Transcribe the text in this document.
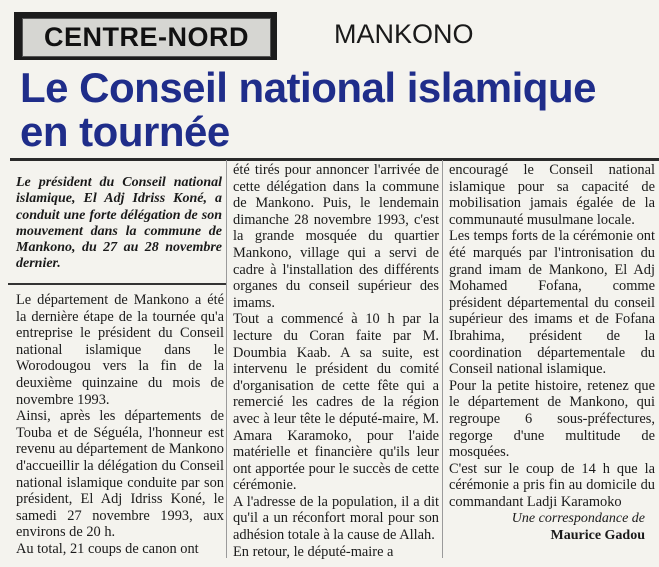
CENTRE-NORD	MANKONO
Le Conseil national islamique
en tournée
Le président du Conseil national islamique, El Adj Idriss Koné, a conduit une forte délégation de son mouvement dans la commune de Mankono, du 27 au 28 novembre dernier.

Le département de Mankono a été la dernière étape de la tournée qu'a entreprise le président du Conseil national islamique dans le Worodougou vers la fin de la deuxième quinzaine du mois de novembre 1993.

Ainsi, après les départements de Touba et de Séguéla, l'honneur est revenu au département de Mankono d'accueillir la délégation du Conseil national islamique conduite par son président, El Adj Idriss Koné, le samedi 27 novembre 1993, aux environs de 20 h.

Au total, 21 coups de canon ont

été tirés pour annoncer l'arrivée de cette délégation dans la commune de Mankono. Puis, le lendemain dimanche 28 novembre 1993, c'est la grande mosquée du quartier Mankono, village qui a servi de cadre à l'installation des différents organes du conseil supérieur des imams.

Tout a commencé à 10 h par la lecture du Coran faite par M. Doumbia Kaab. A sa suite, est intervenu le président du comité d'organisation de cette fête qui a remercié les cadres de la région avec à leur tête le député-maire, M. Amara Karamoko, pour l'aide matérielle et financière qu'ils leur ont apportée pour le succès de cette cérémonie.

A l'adresse de la population, il a dit qu'il a un réconfort moral pour son adhésion totale à la cause de Allah.

En retour, le député-maire a

encouragé le Conseil national islamique pour sa capacité de mobilisation jamais égalée de la communauté musulmane locale.

Les temps forts de la cérémonie ont été marqués par l'intronisation du grand imam de Mankono, El Adj Mohamed Fofana, comme président départemental du conseil supérieur des imams et de Fofana Ibrahima, président de la coordination départementale du Conseil national islamique.

Pour la petite histoire, retenez que le département de Mankono, qui regroupe 6 sous-préfectures, regorge d'une multitude de mosquées.

C'est sur le coup de 14 h que la cérémonie a pris fin au domicile du commandant Ladji Karamoko

Une correspondance de
Maurice Gadou
